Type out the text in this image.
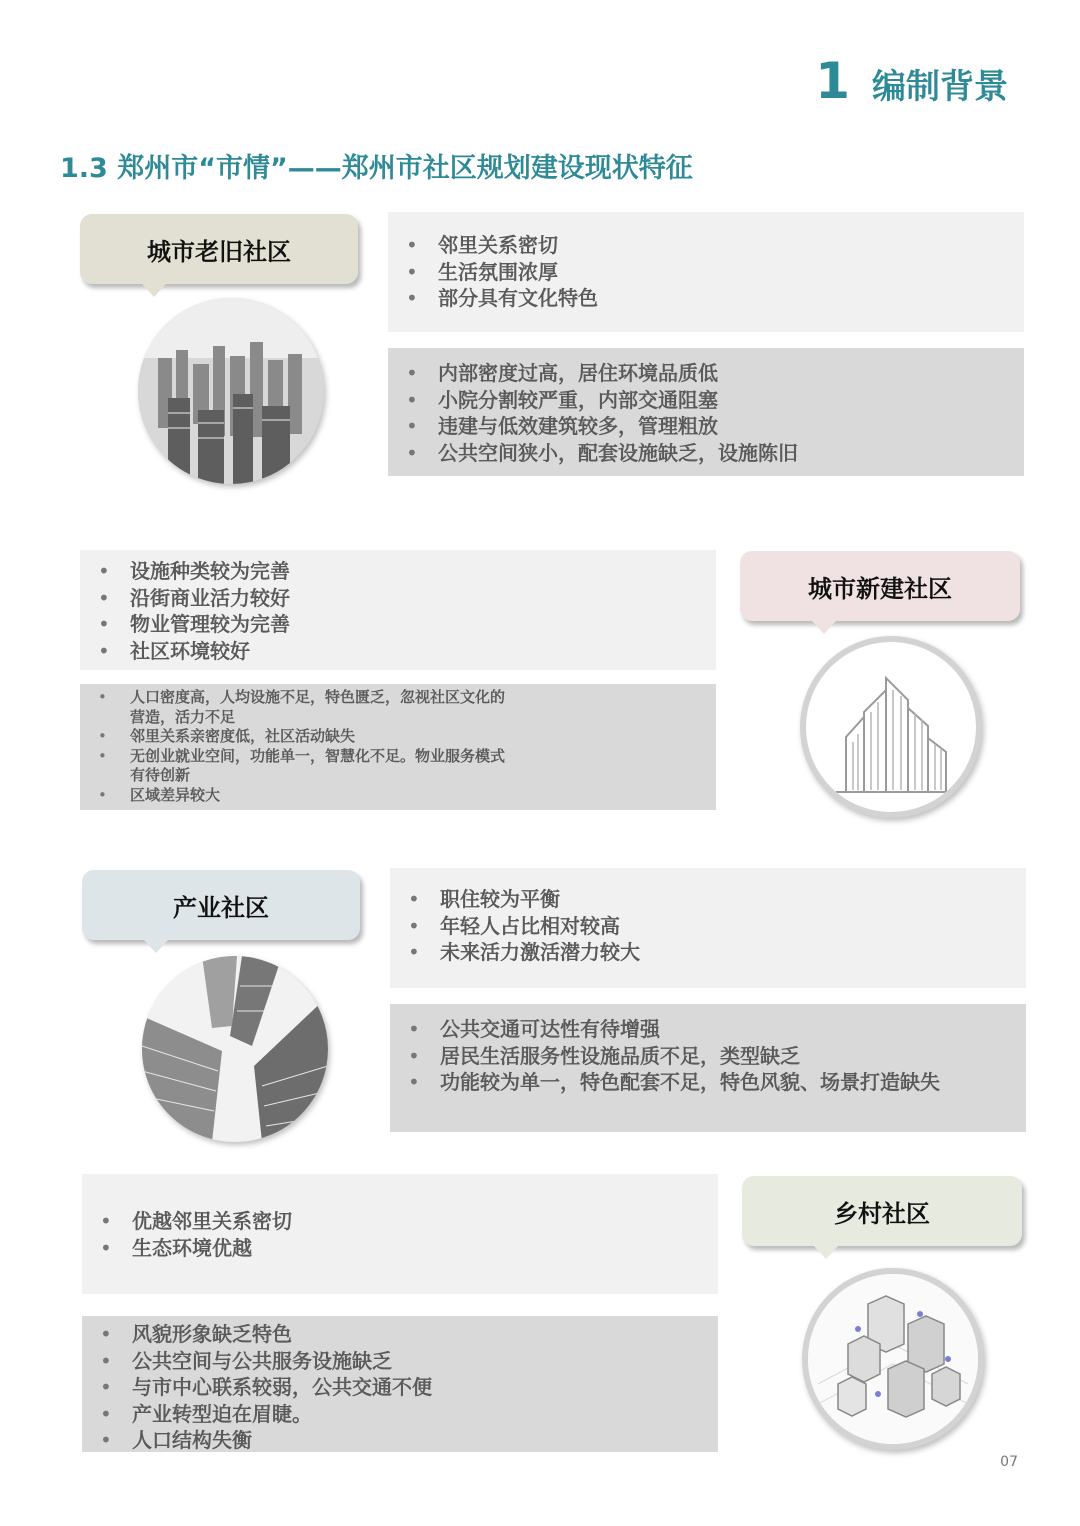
1 编制背景
1.3 郑州市“市情”——郑州市社区规划建设现状特征
城市老旧社区	• 邻里关系密切
• 生活氛围浓厚
• 部分具有文化特色
• 内部密度过高，居住环境品质低
• 小院分割较严重，内部交通阻塞
• 违建与低效建筑较多，管理粗放
• 公共空间狭小，配套设施缺乏，设施陈旧
• 设施种类较为完善
• 沿街商业活力较好
• 物业管理较为完善
• 社区环境较好
• 人口密度高，人均设施不足，特色匮乏，忽视社区文化的
营造，活力不足
• 邻里关系亲密度低，社区活动缺失
• 无创业就业空间，功能单一，智慧化不足。物业服务模式
有待创新
• 区域差异较大
城市新建社区
产业社区	• 职住较为平衡
• 年轻人占比相对较高
• 未来活力激活潜力较大
• 公共交通可达性有待增强
• 居民生活服务性设施品质不足，类型缺乏
• 功能较为单一，特色配套不足，特色风貌、场景打造缺失
• 优越邻里关系密切
• 生态环境优越
• 风貌形象缺乏特色
• 公共空间与公共服务设施缺乏
• 与市中心联系较弱，公共交通不便
• 产业转型迫在眉睫。
• 人口结构失衡
乡村社区
07
